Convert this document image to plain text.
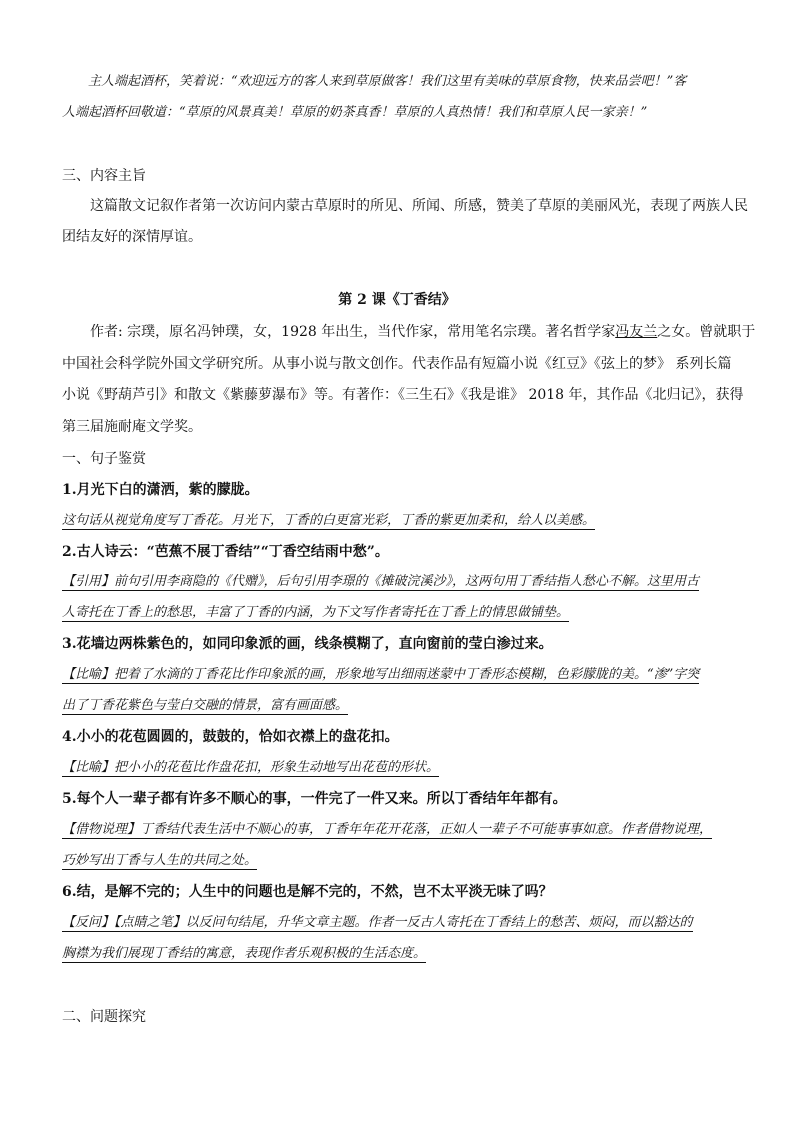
主人端起酒杯，笑着说：“欢迎远方的客人来到草原做客！我们这里有美味的草原食物，快来品尝吧！”客

人端起酒杯回敬道：“草原的风景真美！草原的奶茶真香！草原的人真热情！我们和草原人民一家亲！”

三、内容主旨

这篇散文记叙作者第一次访问内蒙古草原时的所见、所闻、所感，赞美了草原的美丽风光，表现了两族人民

团结友好的深情厚谊。

第 2 课《丁香结》

作者: 宗璞，原名冯钟璞，女，1928 年出生，当代作家，常用笔名宗璞。著名哲学家冯友兰之女。曾就职于

中国社会科学院外国文学研究所。从事小说与散文创作。代表作品有短篇小说《红豆》《弦上的梦》 系列长篇

小说《野葫芦引》和散文《紫藤萝瀑布》等。有著作：《三生石》《我是谁》 2018 年，其作品《北归记》，获得

第三届施耐庵文学奖。

一、句子鉴赏

1.月光下白的潇洒，紫的朦胧。

这句话从视觉角度写丁香花。月光下，丁香的白更富光彩，丁香的紫更加柔和，给人以美感。

2.古人诗云：“芭蕉不展丁香结”“丁香空结雨中愁”。

【引用】前句引用李商隐的《代赠》，后句引用李璟的《摊破浣溪沙》，这两句用丁香结指人愁心不解。这里用古

人寄托在丁香上的愁思，丰富了丁香的内涵，为下文写作者寄托在丁香上的情思做铺垫。

3.花墙边两株紫色的，如同印象派的画，线条模糊了，直向窗前的莹白渗过来。

【比喻】把着了水滴的丁香花比作印象派的画，形象地写出细雨迷蒙中丁香形态模糊，色彩朦胧的美。“渗”字突

出了丁香花紫色与莹白交融的情景，富有画面感。

4.小小的花苞圆圆的，鼓鼓的，恰如衣襟上的盘花扣。

【比喻】把小小的花苞比作盘花扣，形象生动地写出花苞的形状。

5.每个人一辈子都有许多不顺心的事，一件完了一件又来。所以丁香结年年都有。

【借物说理】丁香结代表生活中不顺心的事，丁香年年花开花落，正如人一辈子不可能事事如意。作者借物说理，

巧妙写出丁香与人生的共同之处。

6.结，是解不完的；人生中的问题也是解不完的，不然，岂不太平淡无味了吗？

【反问】【点睛之笔】以反问句结尾，升华文章主题。作者一反古人寄托在丁香结上的愁苦、烦闷，而以豁达的

胸襟为我们展现丁香结的寓意，表现作者乐观积极的生活态度。

二、问题探究
